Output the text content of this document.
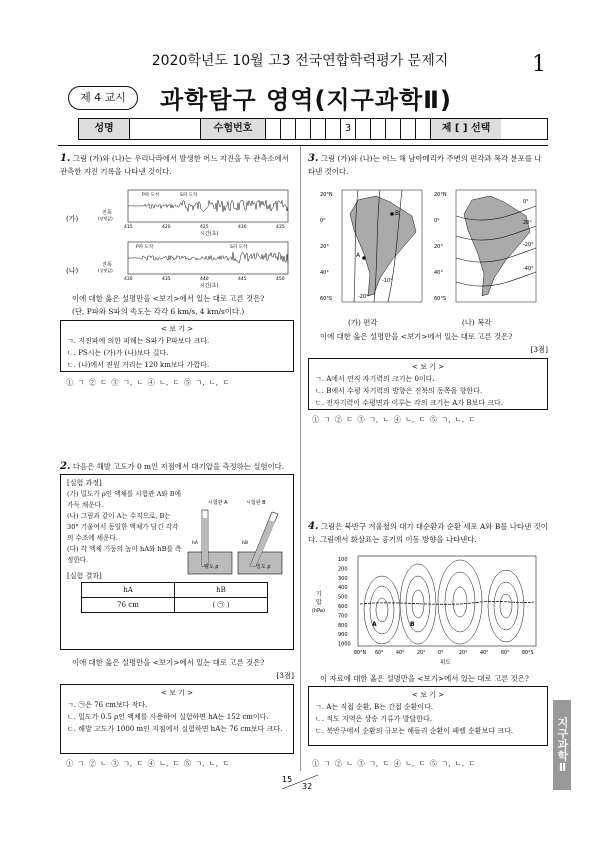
2020학년도 10월 고3 전국연합학력평가 문제지	1
제 4 교시	과학탐구 영역(지구과학Ⅱ)
성명	수험번호	3	제 [ ] 선택
1. 그림 (가)와 (나)는 우리나라에서 발생한 어느 지진을 두 관측소에서 관측한 지진 기록을 나타낸 것이다.
(가)
(나)
진폭
(상댓값)
진폭
(상댓값)
P파 도착	S파 도착
P파 도착	S파 도착
415	420	425	430	435
430	435	440	445	450
시간(초)
시간(초)
이에 대한 옳은 설명만을 <보기>에서 있는 대로 고른 것은?
(단, P파와 S파의 속도는 각각 6 km/s, 4 km/s이다.)
< 보 기 >
ㄱ. 지진파에 의한 피해는 S파가 P파보다 크다.
ㄴ. PS시는 (가)가 (나)보다 길다.
ㄷ. (나)에서 진원 거리는 120 km보다 가깝다.
① ㄱ ② ㄷ ③ ㄱ, ㄴ ④ ㄴ, ㄷ ⑤ ㄱ, ㄴ, ㄷ
2. 다음은 해발 고도가 0 m인 지점에서 대기압을 측정하는 실험이다.
[실험 과정]
(가) 밀도가 ρ인 액체를 시험관 A와 B에 가득 채운다.
(나) 그림과 같이 A는 수직으로, B는 30° 기울여서 동일한 액체가 담긴 각각의 수조에 세운다.
(다) 각 액체 기둥의 높이 hA와 hB를 측정한다.
[실험 결과]
hA	hB
76 cm	( ㉠ )
시험관 A	시험관 B
hA
밀도 ρ
hB
밀도 ρ
이에 대한 옳은 설명만을 <보기>에서 있는 대로 고른 것은?
[3점]
< 보 기 >
ㄱ. ㉠은 76 cm보다 작다.
ㄴ. 밀도가 0.5 ρ인 액체를 사용하여 실험하면 hA는 152 cm이다.
ㄷ. 해발 고도가 1000 m인 지점에서 실험하면 hA는 76 cm보다 크다.
① ㄱ ② ㄴ ③ ㄱ, ㄷ ④ ㄴ, ㄷ ⑤ ㄱ, ㄴ, ㄷ
3. 그림 (가)와 (나)는 어느 해 남아메리카 주변의 편각과 복각 분포를 나타낸 것이다.
A
B
-10°
-20°
20°N
0°
20°
40°
60°S
0°
20°
-20°
-40°
20°N
0°
20°
40°
60°S
(가) 편각	(나) 복각
이에 대한 옳은 설명만을 <보기>에서 있는 대로 고른 것은?
[3점]
< 보 기 >
ㄱ. A에서 연직 자기력의 크기는 0이다.
ㄴ. B에서 수평 자기력의 방향은 진북의 동쪽을 향한다.
ㄷ. 전자기력이 수평면과 이루는 각의 크기는 A가 B보다 크다.
① ㄱ ② ㄷ ③ ㄱ, ㄴ ④ ㄴ, ㄷ ⑤ ㄱ, ㄴ, ㄷ
4. 그림은 북반구 겨울철의 대기 대순환과 순환 세포 A와 B를 나타낸 것이다. 그림에서 화살표는 공기의 이동 방향을 나타낸다.
기
압
(hPa)
100
200
300
400
500
600
700
800
900
1000
80°N 60°	40°	20°	0°	20°	40°	60°	80°S
A	B
위도
이 자료에 대한 옳은 설명만을 <보기>에서 있는 대로 고른 것은?
< 보 기 >
ㄱ. A는 직접 순환, B는 간접 순환이다.
ㄴ. 적도 지역은 상승 기류가 발달한다.
ㄷ. 북반구에서 순환의 규모는 해들리 순환이 페렐 순환보다 크다.
① ㄱ ② ㄴ ③ ㄱ, ㄷ ④ ㄴ, ㄷ ⑤ ㄱ, ㄴ, ㄷ	지구과학Ⅱ
15
32
